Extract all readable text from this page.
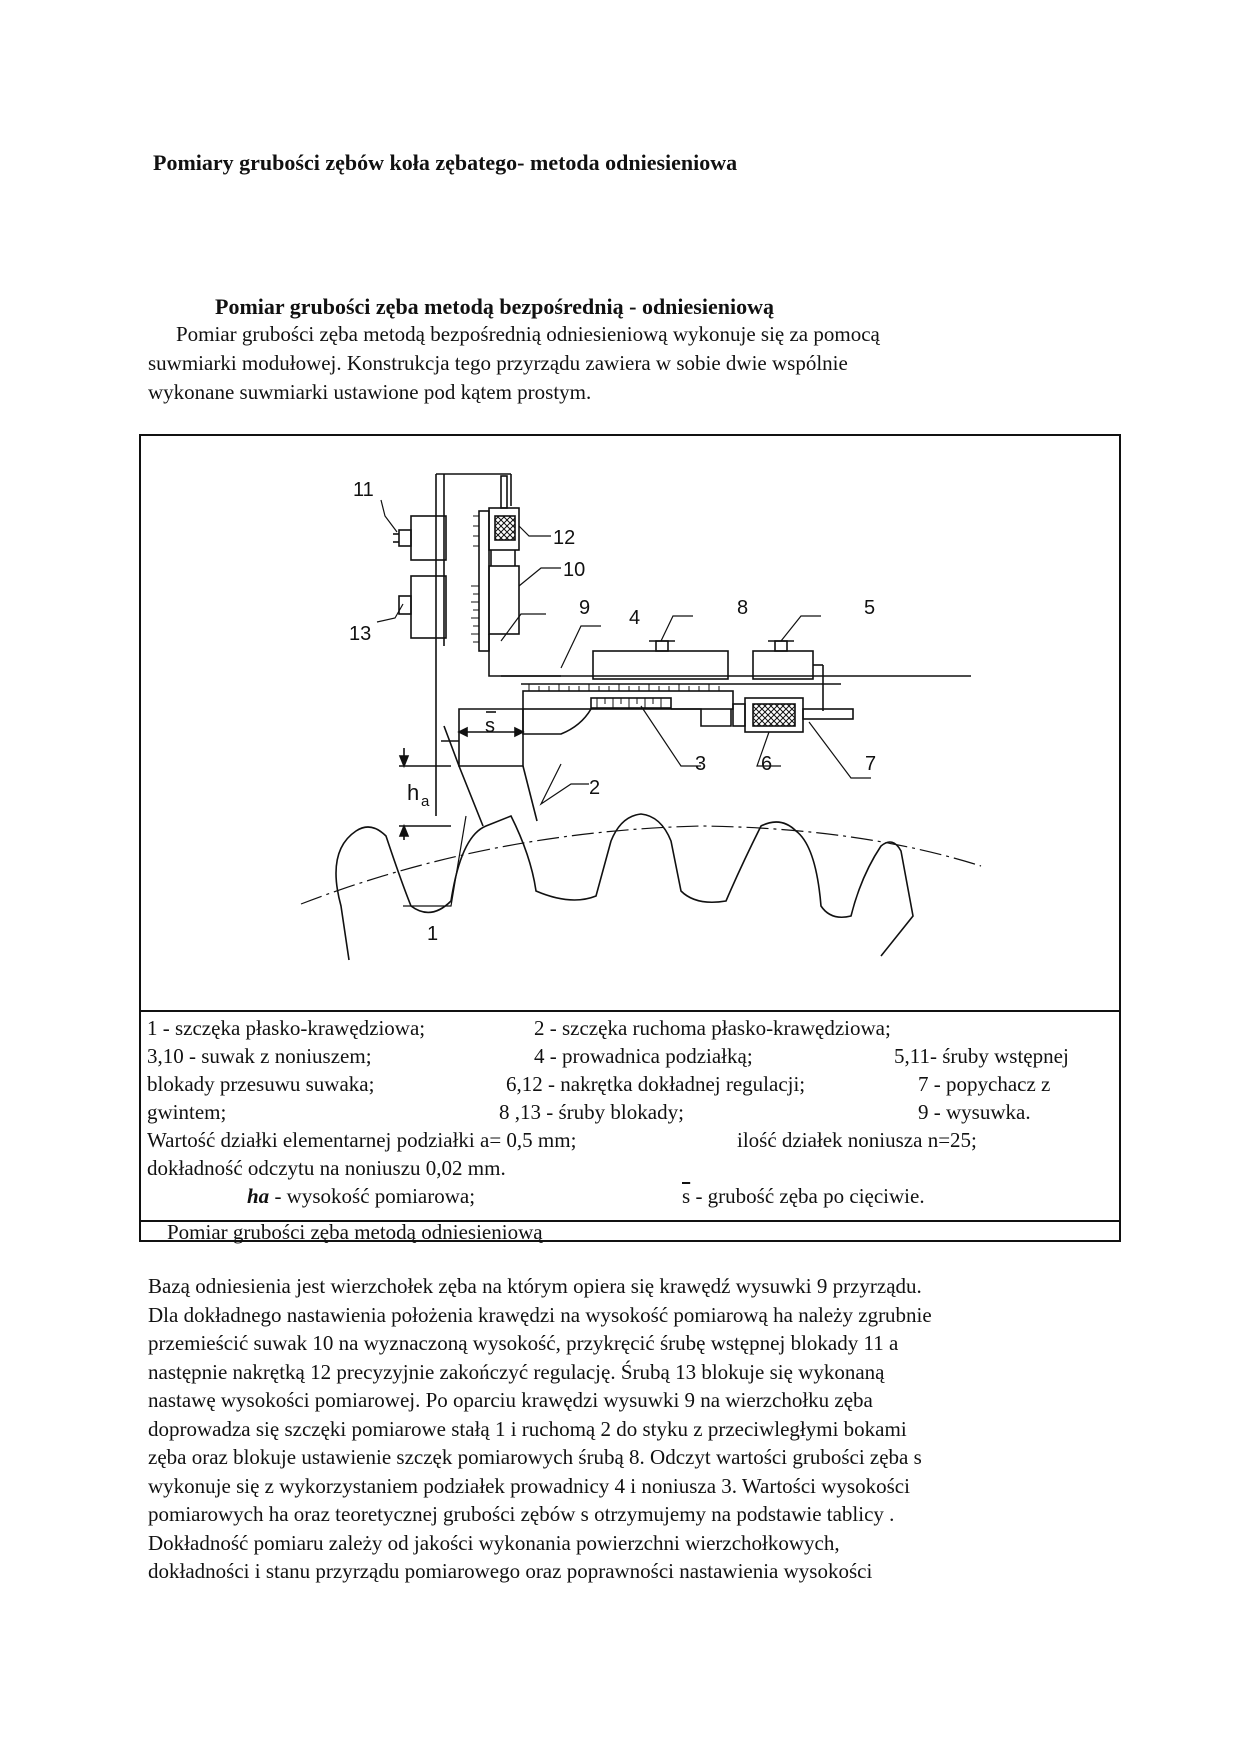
Pomiary grubości zębów koła zębatego- metoda odniesieniowa
Pomiar grubości zęba metodą bezpośrednią - odniesieniową

Pomiar grubości zęba metodą bezpośrednią odniesieniową wykonuje się za pomocą

suwmiarki modułowej. Konstrukcja tego przyrządu zawiera w sobie dwie wspólnie

wykonane suwmiarki ustawione pod kątem prostym.

11
13
12
10
9 4	8	5
3	6	7
2
1
s
h a
1 - szczęka płasko-krawędziowa;	2 - szczęka ruchoma płasko-krawędziowa;
3,10 - suwak z noniuszem;	4 - prowadnica podziałką;	5,11- śruby wstępnej
blokady przesuwu suwaka;	6,12 - nakrętka dokładnej regulacji;	7 - popychacz z
gwintem;	8 ,13 - śruby blokady;	9 - wysuwka.
Wartość działki elementarnej podziałki a= 0,5 mm;	ilość działek noniusza n=25;
dokładność odczytu na noniuszu 0,02 mm.
ha - wysokość pomiarowa;	$\overline{s}$ - grubość zęba po cięciwie.
Pomiar grubości zęba metodą odniesieniową

Bazą odniesienia jest wierzchołek zęba na którym opiera się krawędź wysuwki 9 przyrządu.

Dla dokładnego nastawienia położenia krawędzi na wysokość pomiarową ha należy zgrubnie

przemieścić suwak 10 na wyznaczoną wysokość, przykręcić śrubę wstępnej blokady 11 a

następnie nakrętką 12 precyzyjnie zakończyć regulację. Śrubą 13 blokuje się wykonaną

nastawę wysokości pomiarowej. Po oparciu krawędzi wysuwki 9 na wierzchołku zęba

doprowadza się szczęki pomiarowe stałą 1 i ruchomą 2 do styku z przeciwległymi bokami

zęba oraz blokuje ustawienie szczęk pomiarowych śrubą 8. Odczyt wartości grubości zęba s

wykonuje się z wykorzystaniem podziałek prowadnicy 4 i noniusza 3. Wartości wysokości

pomiarowych ha oraz teoretycznej grubości zębów s otrzymujemy na podstawie tablicy .

Dokładność pomiaru zależy od jakości wykonania powierzchni wierzchołkowych,

dokładności i stanu przyrządu pomiarowego oraz poprawności nastawienia wysokości
